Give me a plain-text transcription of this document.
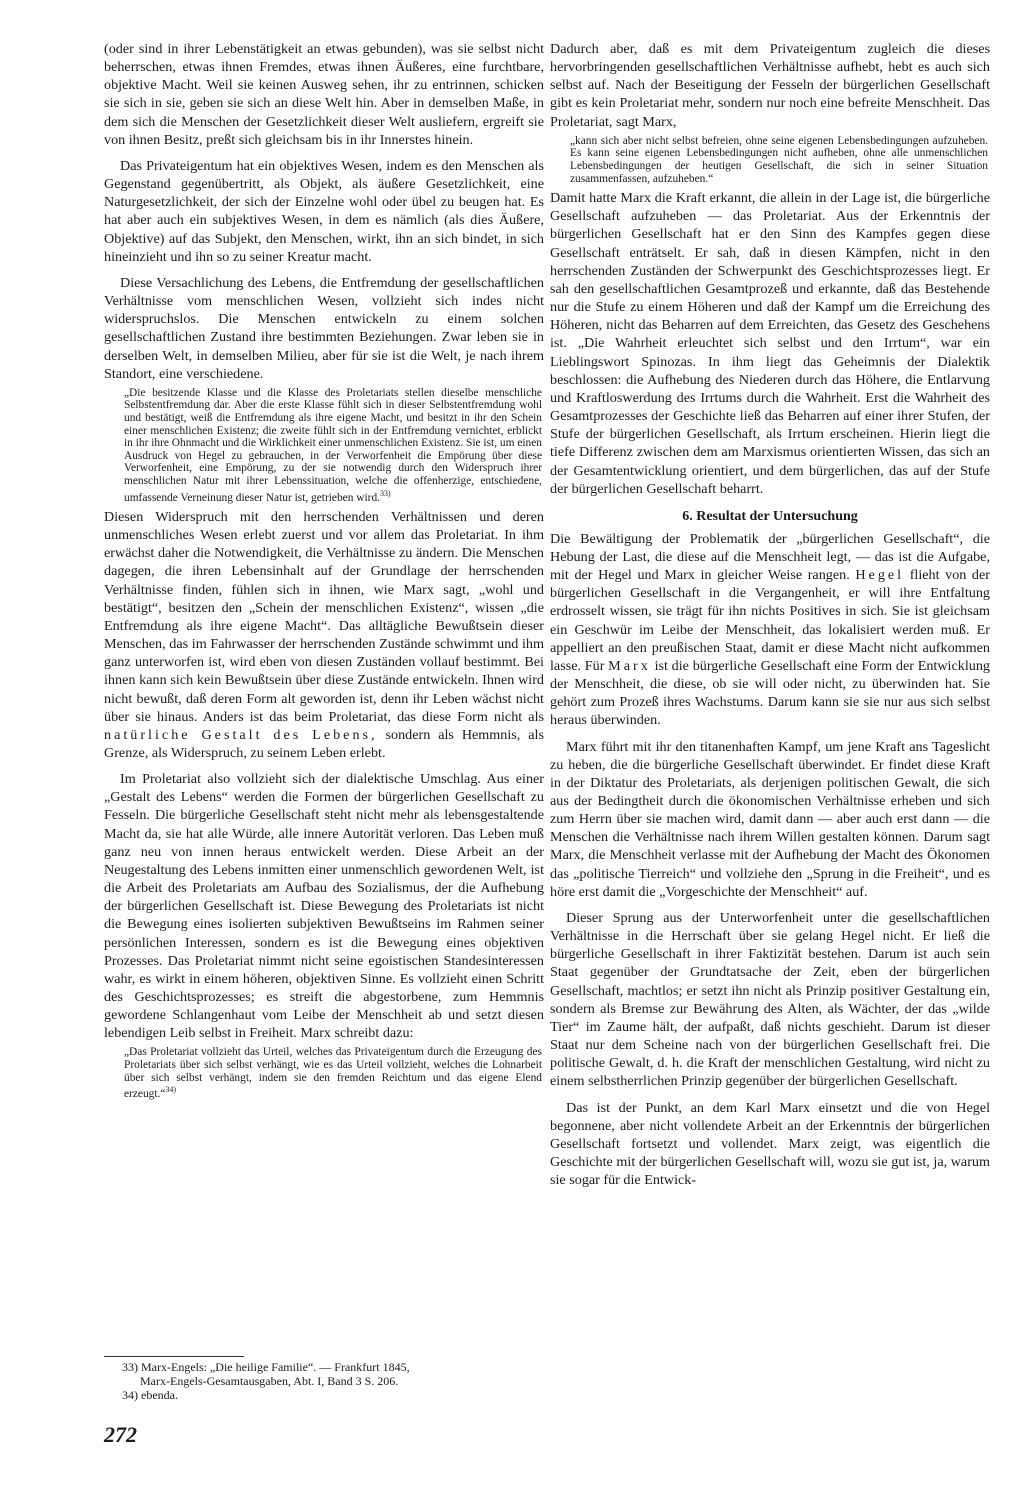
(oder sind in ihrer Lebenstätigkeit an etwas gebunden), was sie selbst nicht beherrschen, etwas ihnen Fremdes, etwas ihnen Äußeres, eine furchtbare, objektive Macht. Weil sie keinen Ausweg sehen, ihr zu entrinnen, schicken sie sich in sie, geben sie sich an diese Welt hin. Aber in demselben Maße, in dem sich die Menschen der Gesetzlichkeit dieser Welt ausliefern, ergreift sie von ihnen Besitz, preßt sich gleichsam bis in ihr Innerstes hinein.

Das Privateigentum hat ein objektives Wesen, indem es den Menschen als Gegenstand gegenübertritt, als Objekt, als äußere Gesetzlichkeit, eine Naturgesetzlichkeit, der sich der Einzelne wohl oder übel zu beugen hat. Es hat aber auch ein subjektives Wesen, in dem es nämlich (als dies Äußere, Objektive) auf das Subjekt, den Menschen, wirkt, ihn an sich bindet, in sich hineinzieht und ihn so zu seiner Kreatur macht.

Diese Versachlichung des Lebens, die Entfremdung der gesellschaftlichen Verhältnisse vom menschlichen Wesen, vollzieht sich indes nicht widerspruchslos. Die Menschen entwickeln zu einem solchen gesellschaftlichen Zustand ihre bestimmten Beziehungen. Zwar leben sie in derselben Welt, in demselben Milieu, aber für sie ist die Welt, je nach ihrem Standort, eine verschiedene.

„Die besitzende Klasse und die Klasse des Proletariats stellen dieselbe menschliche Selbstentfremdung dar. Aber die erste Klasse fühlt sich in dieser Selbstentfremdung wohl und bestätigt, weiß die Entfremdung als ihre eigene Macht, und besitzt in ihr den Schein einer menschlichen Existenz; die zweite fühlt sich in der Entfremdung vernichtet, erblickt in ihr ihre Ohnmacht und die Wirklichkeit einer unmenschlichen Existenz. Sie ist, um einen Ausdruck von Hegel zu gebrauchen, in der Verworfenheit die Empörung über diese Verworfenheit, eine Empörung, zu der sie notwendig durch den Widerspruch ihrer menschlichen Natur mit ihrer Lebenssituation, welche die offenherzige, entschiedene, umfassende Verneinung dieser Natur ist, getrieben wird.$^{33)}$

Diesen Widerspruch mit den herrschenden Verhältnissen und deren unmenschliches Wesen erlebt zuerst und vor allem das Proletariat. In ihm erwächst daher die Notwendigkeit, die Verhältnisse zu ändern. Die Menschen dagegen, die ihren Lebensinhalt auf der Grundlage der herrschenden Verhältnisse finden, fühlen sich in ihnen, wie Marx sagt, „wohl und bestätigt“, besitzen den „Schein der menschlichen Existenz“, wissen „die Entfremdung als ihre eigene Macht“. Das alltägliche Bewußtsein dieser Menschen, das im Fahrwasser der herrschenden Zustände schwimmt und ihm ganz unterworfen ist, wird eben von diesen Zuständen vollauf bestimmt. Bei ihnen kann sich kein Bewußtsein über diese Zustände entwickeln. Ihnen wird nicht bewußt, daß deren Form alt geworden ist, denn ihr Leben wächst nicht über sie hinaus. Anders ist das beim Proletariat, das diese Form nicht als natürliche Gestalt des Lebens, sondern als Hemmnis, als Grenze, als Widerspruch, zu seinem Leben erlebt.

Im Proletariat also vollzieht sich der dialektische Umschlag. Aus einer „Gestalt des Lebens“ werden die Formen der bürgerlichen Gesellschaft zu Fesseln. Die bürgerliche Gesellschaft steht nicht mehr als lebensgestaltende Macht da, sie hat alle Würde, alle innere Autorität verloren. Das Leben muß ganz neu von innen heraus entwickelt werden. Diese Arbeit an der Neugestaltung des Lebens inmitten einer unmenschlich gewordenen Welt, ist die Arbeit des Proletariats am Aufbau des Sozialismus, der die Aufhebung der bürgerlichen Gesellschaft ist. Diese Bewegung des Proletariats ist nicht die Bewegung eines isolierten subjektiven Bewußtseins im Rahmen seiner persönlichen Interessen, sondern es ist die Bewegung eines objektiven Prozesses. Das Proletariat nimmt nicht seine egoistischen Standesinteressen wahr, es wirkt in einem höheren, objektiven Sinne. Es vollzieht einen Schritt des Geschichtsprozesses; es streift die abgestorbene, zum Hemmnis gewordene Schlangenhaut vom Leibe der Menschheit ab und setzt diesen lebendigen Leib selbst in Freiheit. Marx schreibt dazu:

„Das Proletariat vollzieht das Urteil, welches das Privateigentum durch die Erzeugung des Proletariats über sich selbst verhängt, wie es das Urteil vollzieht, welches die Lohnarbeit über sich selbst verhängt, indem sie den fremden Reichtum und das eigene Elend erzeugt.“$^{34)}$

Dadurch aber, daß es mit dem Privateigentum zugleich die dieses hervorbringenden gesellschaftlichen Verhältnisse aufhebt, hebt es auch sich selbst auf. Nach der Beseitigung der Fesseln der bürgerlichen Gesellschaft gibt es kein Proletariat mehr, sondern nur noch eine befreite Menschheit. Das Proletariat, sagt Marx,

„kann sich aber nicht selbst befreien, ohne seine eigenen Lebensbedingungen aufzuheben. Es kann seine eigenen Lebensbedingungen nicht aufheben, ohne alle unmenschlichen Lebensbedingungen der heutigen Gesellschaft, die sich in seiner Situation zusammenfassen, aufzuheben.“

Damit hatte Marx die Kraft erkannt, die allein in der Lage ist, die bürgerliche Gesellschaft aufzuheben — das Proletariat. Aus der Erkenntnis der bürgerlichen Gesellschaft hat er den Sinn des Kampfes gegen diese Gesellschaft enträtselt. Er sah, daß in diesen Kämpfen, nicht in den herrschenden Zuständen der Schwerpunkt des Geschichtsprozesses liegt. Er sah den gesellschaftlichen Gesamtprozeß und erkannte, daß das Bestehende nur die Stufe zu einem Höheren und daß der Kampf um die Erreichung des Höheren, nicht das Beharren auf dem Erreichten, das Gesetz des Geschehens ist. „Die Wahrheit erleuchtet sich selbst und den Irrtum“, war ein Lieblingswort Spinozas. In ihm liegt das Geheimnis der Dialektik beschlossen: die Aufhebung des Niederen durch das Höhere, die Entlarvung und Kraftloswerdung des Irrtums durch die Wahrheit. Erst die Wahrheit des Gesamtprozesses der Geschichte ließ das Beharren auf einer ihrer Stufen, der Stufe der bürgerlichen Gesellschaft, als Irrtum erscheinen. Hierin liegt die tiefe Differenz zwischen dem am Marxismus orientierten Wissen, das sich an der Gesamtentwicklung orientiert, und dem bürgerlichen, das auf der Stufe der bürgerlichen Gesellschaft beharrt.

6. Resultat der Untersuchung

Die Bewältigung der Problematik der „bürgerlichen Gesellschaft“, die Hebung der Last, die diese auf die Menschheit legt, — das ist die Aufgabe, mit der Hegel und Marx in gleicher Weise rangen. Hegel flieht von der bürgerlichen Gesellschaft in die Vergangenheit, er will ihre Entfaltung erdrosselt wissen, sie trägt für ihn nichts Positives in sich. Sie ist gleichsam ein Geschwür im Leibe der Menschheit, das lokalisiert werden muß. Er appelliert an den preußischen Staat, damit er diese Macht nicht aufkommen lasse. Für Marx ist die bürgerliche Gesellschaft eine Form der Entwicklung der Menschheit, die diese, ob sie will oder nicht, zu überwinden hat. Sie gehört zum Prozeß ihres Wachstums. Darum kann sie sie nur aus sich selbst heraus überwinden.

Marx führt mit ihr den titanenhaften Kampf, um jene Kraft ans Tageslicht zu heben, die die bürgerliche Gesellschaft überwindet. Er findet diese Kraft in der Diktatur des Proletariats, als derjenigen politischen Gewalt, die sich aus der Bedingtheit durch die ökonomischen Verhältnisse erheben und sich zum Herrn über sie machen wird, damit dann — aber auch erst dann — die Menschen die Verhältnisse nach ihrem Willen gestalten können. Darum sagt Marx, die Menschheit verlasse mit der Aufhebung der Macht des Ökonomen das „politische Tierreich“ und vollziehe den „Sprung in die Freiheit“, und es höre erst damit die „Vorgeschichte der Menschheit“ auf.

Dieser Sprung aus der Unterworfenheit unter die gesellschaftlichen Verhältnisse in die Herrschaft über sie gelang Hegel nicht. Er ließ die bürgerliche Gesellschaft in ihrer Faktizität bestehen. Darum ist auch sein Staat gegenüber der Grundtatsache der Zeit, eben der bürgerlichen Gesellschaft, machtlos; er setzt ihn nicht als Prinzip positiver Gestaltung ein, sondern als Bremse zur Bewährung des Alten, als Wächter, der das „wilde Tier“ im Zaume hält, der aufpaßt, daß nichts geschieht. Darum ist dieser Staat nur dem Scheine nach von der bürgerlichen Gesellschaft frei. Die politische Gewalt, d. h. die Kraft der menschlichen Gestaltung, wird nicht zu einem selbstherrlichen Prinzip gegenüber der bürgerlichen Gesellschaft.

Das ist der Punkt, an dem Karl Marx einsetzt und die von Hegel begonnene, aber nicht vollendete Arbeit an der Erkenntnis der bürgerlichen Gesellschaft fortsetzt und vollendet. Marx zeigt, was eigentlich die Geschichte mit der bürgerlichen Gesellschaft will, wozu sie gut ist, ja, warum sie sogar für die Entwick-

33) Marx-Engels: „Die heilige Familie“. — Frankfurt 1845,
Marx-Engels-Gesamtausgaben, Abt. I, Band 3 S. 206.
34) ebenda.
272
